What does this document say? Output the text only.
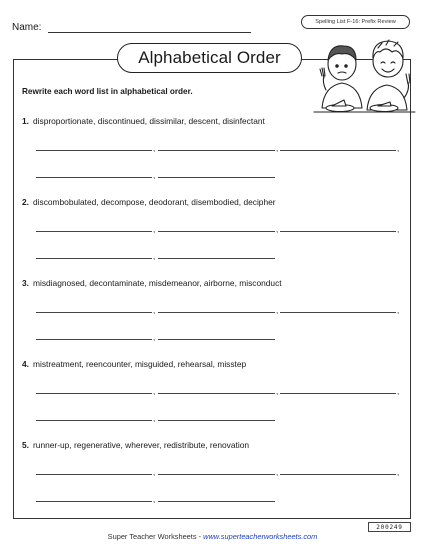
Name:	Spelling List F-16: Prefix Review
Alphabetical Order
Rewrite each word list in alphabetical order.
1. disproportionate, discontinued, dissimilar, descent, disinfectant
,	,	,
,
2. discombobulated, decompose, deodorant, disembodied, decipher
,	,	,
,
3. misdiagnosed, decontaminate, misdemeanor, airborne, misconduct
,	,	,
,
4. mistreatment, reencounter, misguided, rehearsal, misstep
,	,	,
,
5. runner-up, regenerative, wherever, redistribute, renovation
,	,	,
,
Super Teacher Worksheets - www.superteacherworksheets.com
200249
